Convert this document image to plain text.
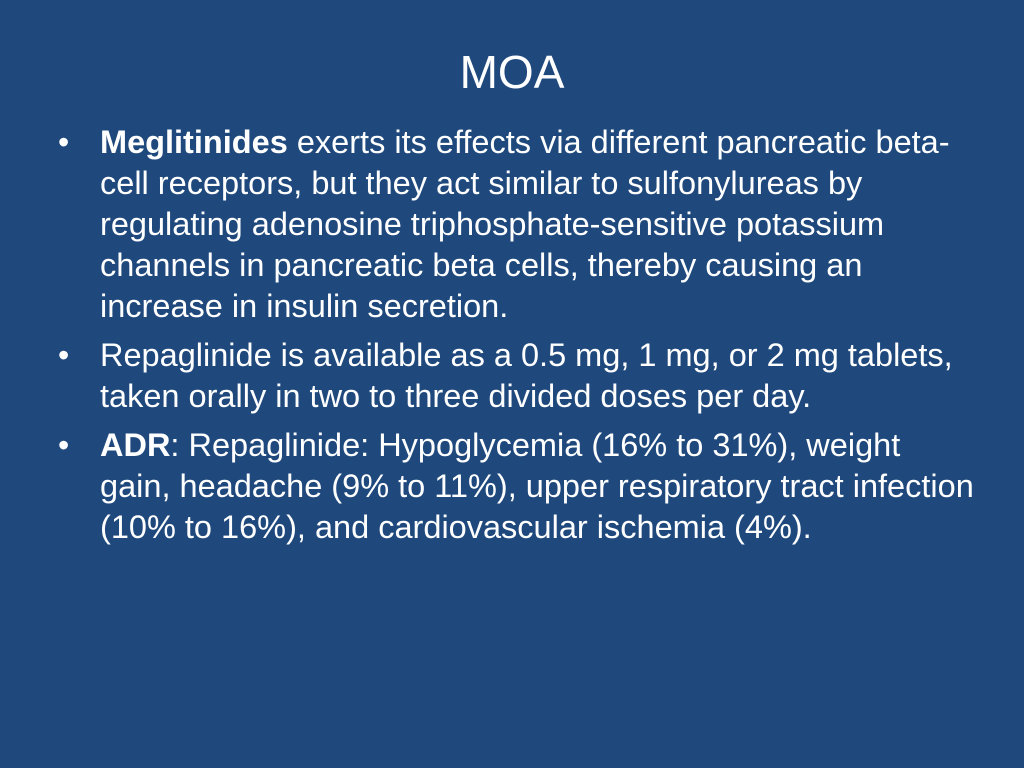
MOA
• Meglitinides exerts its effects via different pancreatic beta-cell receptors, but they act similar to sulfonylureas by regulating adenosine triphosphate-sensitive potassium channels in pancreatic beta cells, thereby causing an increase in insulin secretion.
• Repaglinide is available as a 0.5 mg, 1 mg, or 2 mg tablets, taken orally in two to three divided doses per day.
• ADR: Repaglinide: Hypoglycemia (16% to 31%), weight gain, headache (9% to 11%), upper respiratory tract infection (10% to 16%), and cardiovascular ischemia (4%).
